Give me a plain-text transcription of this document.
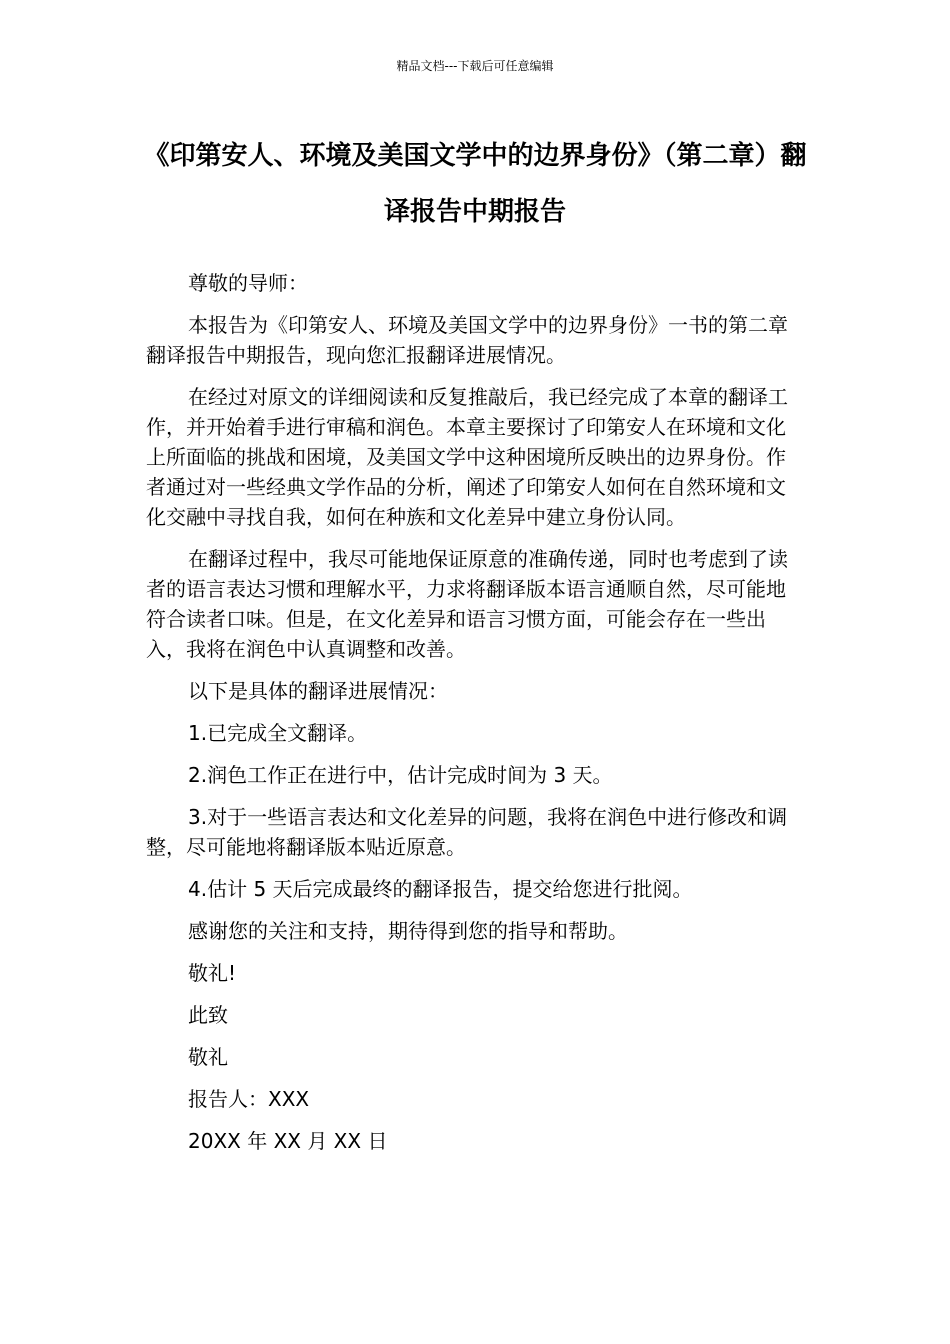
精品文档---下载后可任意编辑
《印第安人、环境及美国文学中的边界身份》（第二章）翻译报告中期报告

尊敬的导师：

本报告为《印第安人、环境及美国文学中的边界身份》一书的第二章翻译报告中期报告，现向您汇报翻译进展情况。

在经过对原文的详细阅读和反复推敲后，我已经完成了本章的翻译工作，并开始着手进行审稿和润色。本章主要探讨了印第安人在环境和文化上所面临的挑战和困境，及美国文学中这种困境所反映出的边界身份。作者通过对一些经典文学作品的分析，阐述了印第安人如何在自然环境和文化交融中寻找自我，如何在种族和文化差异中建立身份认同。

在翻译过程中，我尽可能地保证原意的准确传递，同时也考虑到了读者的语言表达习惯和理解水平，力求将翻译版本语言通顺自然，尽可能地符合读者口味。但是，在文化差异和语言习惯方面，可能会存在一些出入，我将在润色中认真调整和改善。

以下是具体的翻译进展情况：

1.已完成全文翻译。

2.润色工作正在进行中，估计完成时间为 3 天。

3.对于一些语言表达和文化差异的问题，我将在润色中进行修改和调整，尽可能地将翻译版本贴近原意。

4.估计 5 天后完成最终的翻译报告，提交给您进行批阅。

感谢您的关注和支持，期待得到您的指导和帮助。

敬礼!

此致

敬礼

报告人：XXX

20XX 年 XX 月 XX 日
